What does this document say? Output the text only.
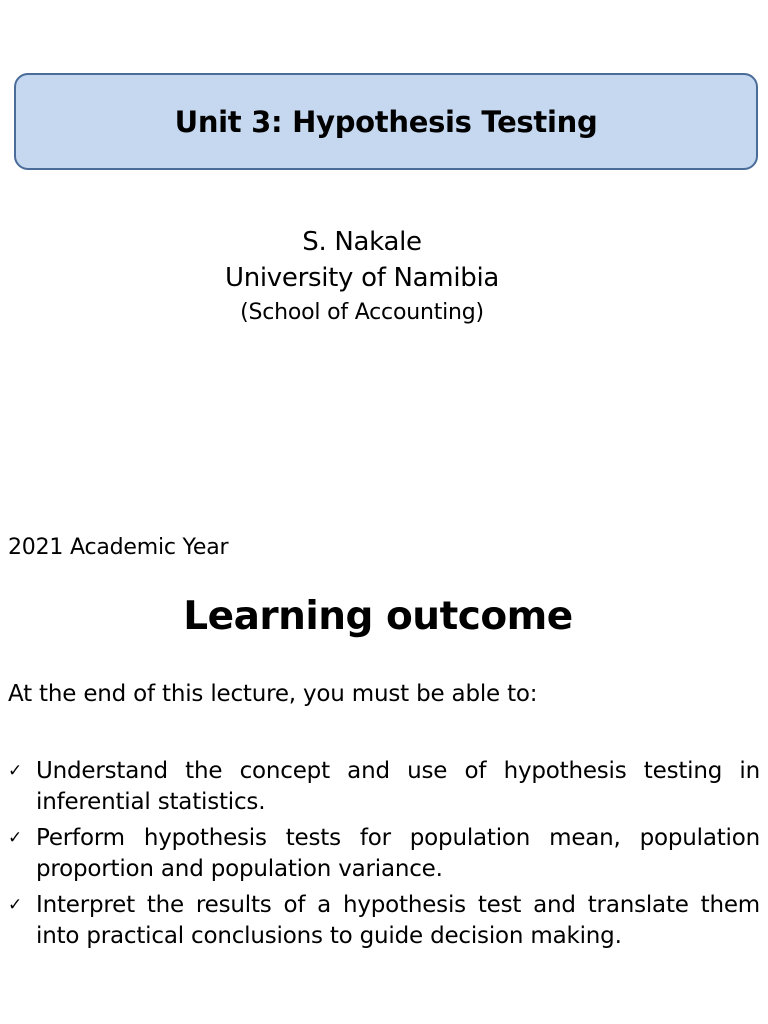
Unit 3: Hypothesis Testing
S. Nakale
University of Namibia
(School of Accounting)
2021 Academic Year
Learning outcome
At the end of this lecture, you must be able to:
✓ Understand the concept and use of hypothesis testing in inferential statistics.
✓ Perform hypothesis tests for population mean, population proportion and population variance.
✓ Interpret the results of a hypothesis test and translate them into practical conclusions to guide decision making.
